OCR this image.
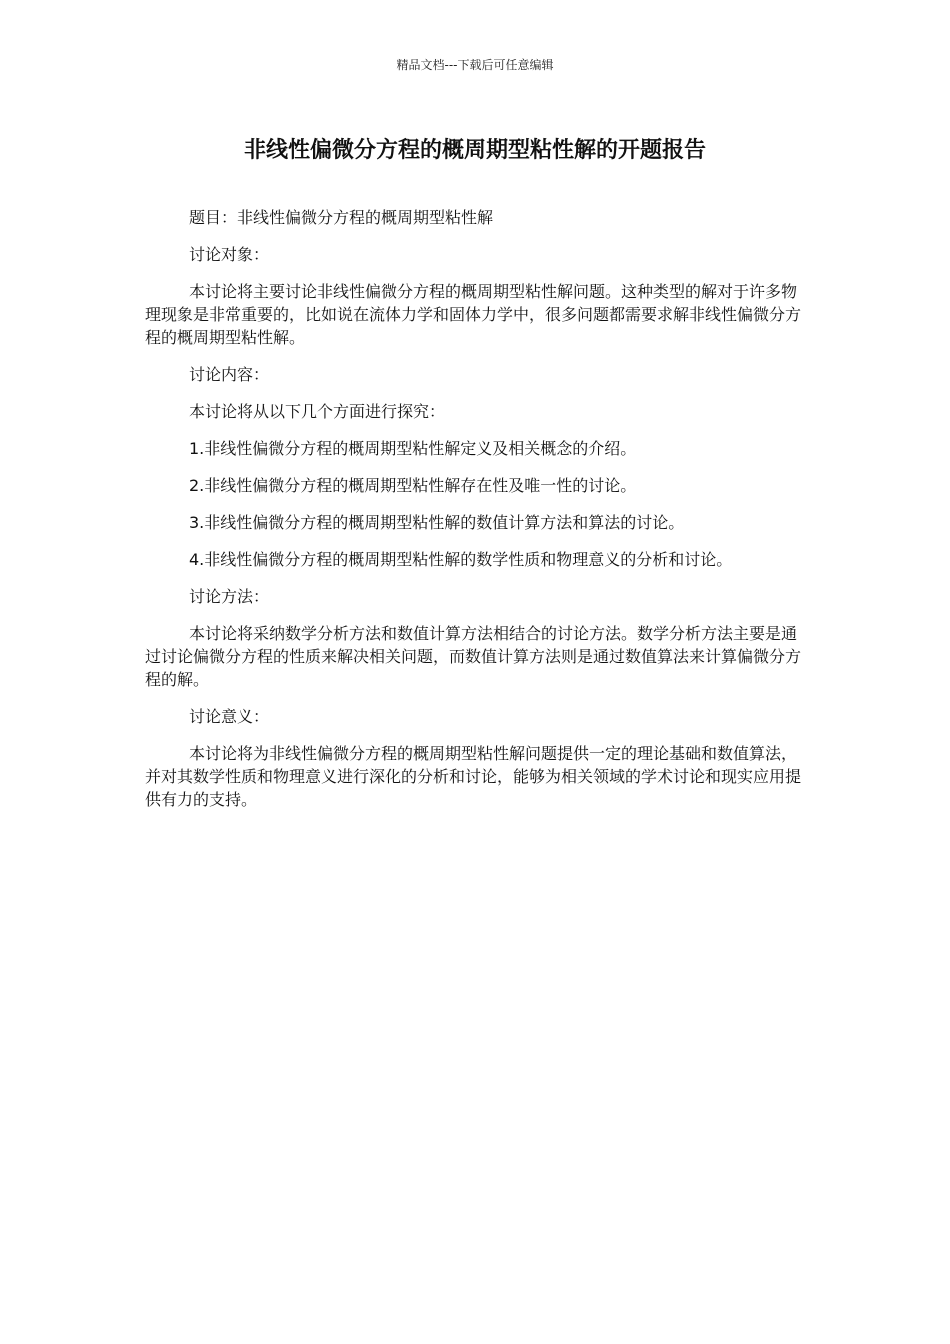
精品文档---下载后可任意编辑
非线性偏微分方程的概周期型粘性解的开题报告

题目：非线性偏微分方程的概周期型粘性解

讨论对象：

本讨论将主要讨论非线性偏微分方程的概周期型粘性解问题。这种类型的解对于许多物理现象是非常重要的，比如说在流体力学和固体力学中，很多问题都需要求解非线性偏微分方程的概周期型粘性解。

讨论内容：

本讨论将从以下几个方面进行探究：

1.非线性偏微分方程的概周期型粘性解定义及相关概念的介绍。

2.非线性偏微分方程的概周期型粘性解存在性及唯一性的讨论。

3.非线性偏微分方程的概周期型粘性解的数值计算方法和算法的讨论。

4.非线性偏微分方程的概周期型粘性解的数学性质和物理意义的分析和讨论。

讨论方法：

本讨论将采纳数学分析方法和数值计算方法相结合的讨论方法。数学分析方法主要是通过讨论偏微分方程的性质来解决相关问题，而数值计算方法则是通过数值算法来计算偏微分方程的解。

讨论意义：

本讨论将为非线性偏微分方程的概周期型粘性解问题提供一定的理论基础和数值算法，并对其数学性质和物理意义进行深化的分析和讨论，能够为相关领域的学术讨论和现实应用提供有力的支持。
